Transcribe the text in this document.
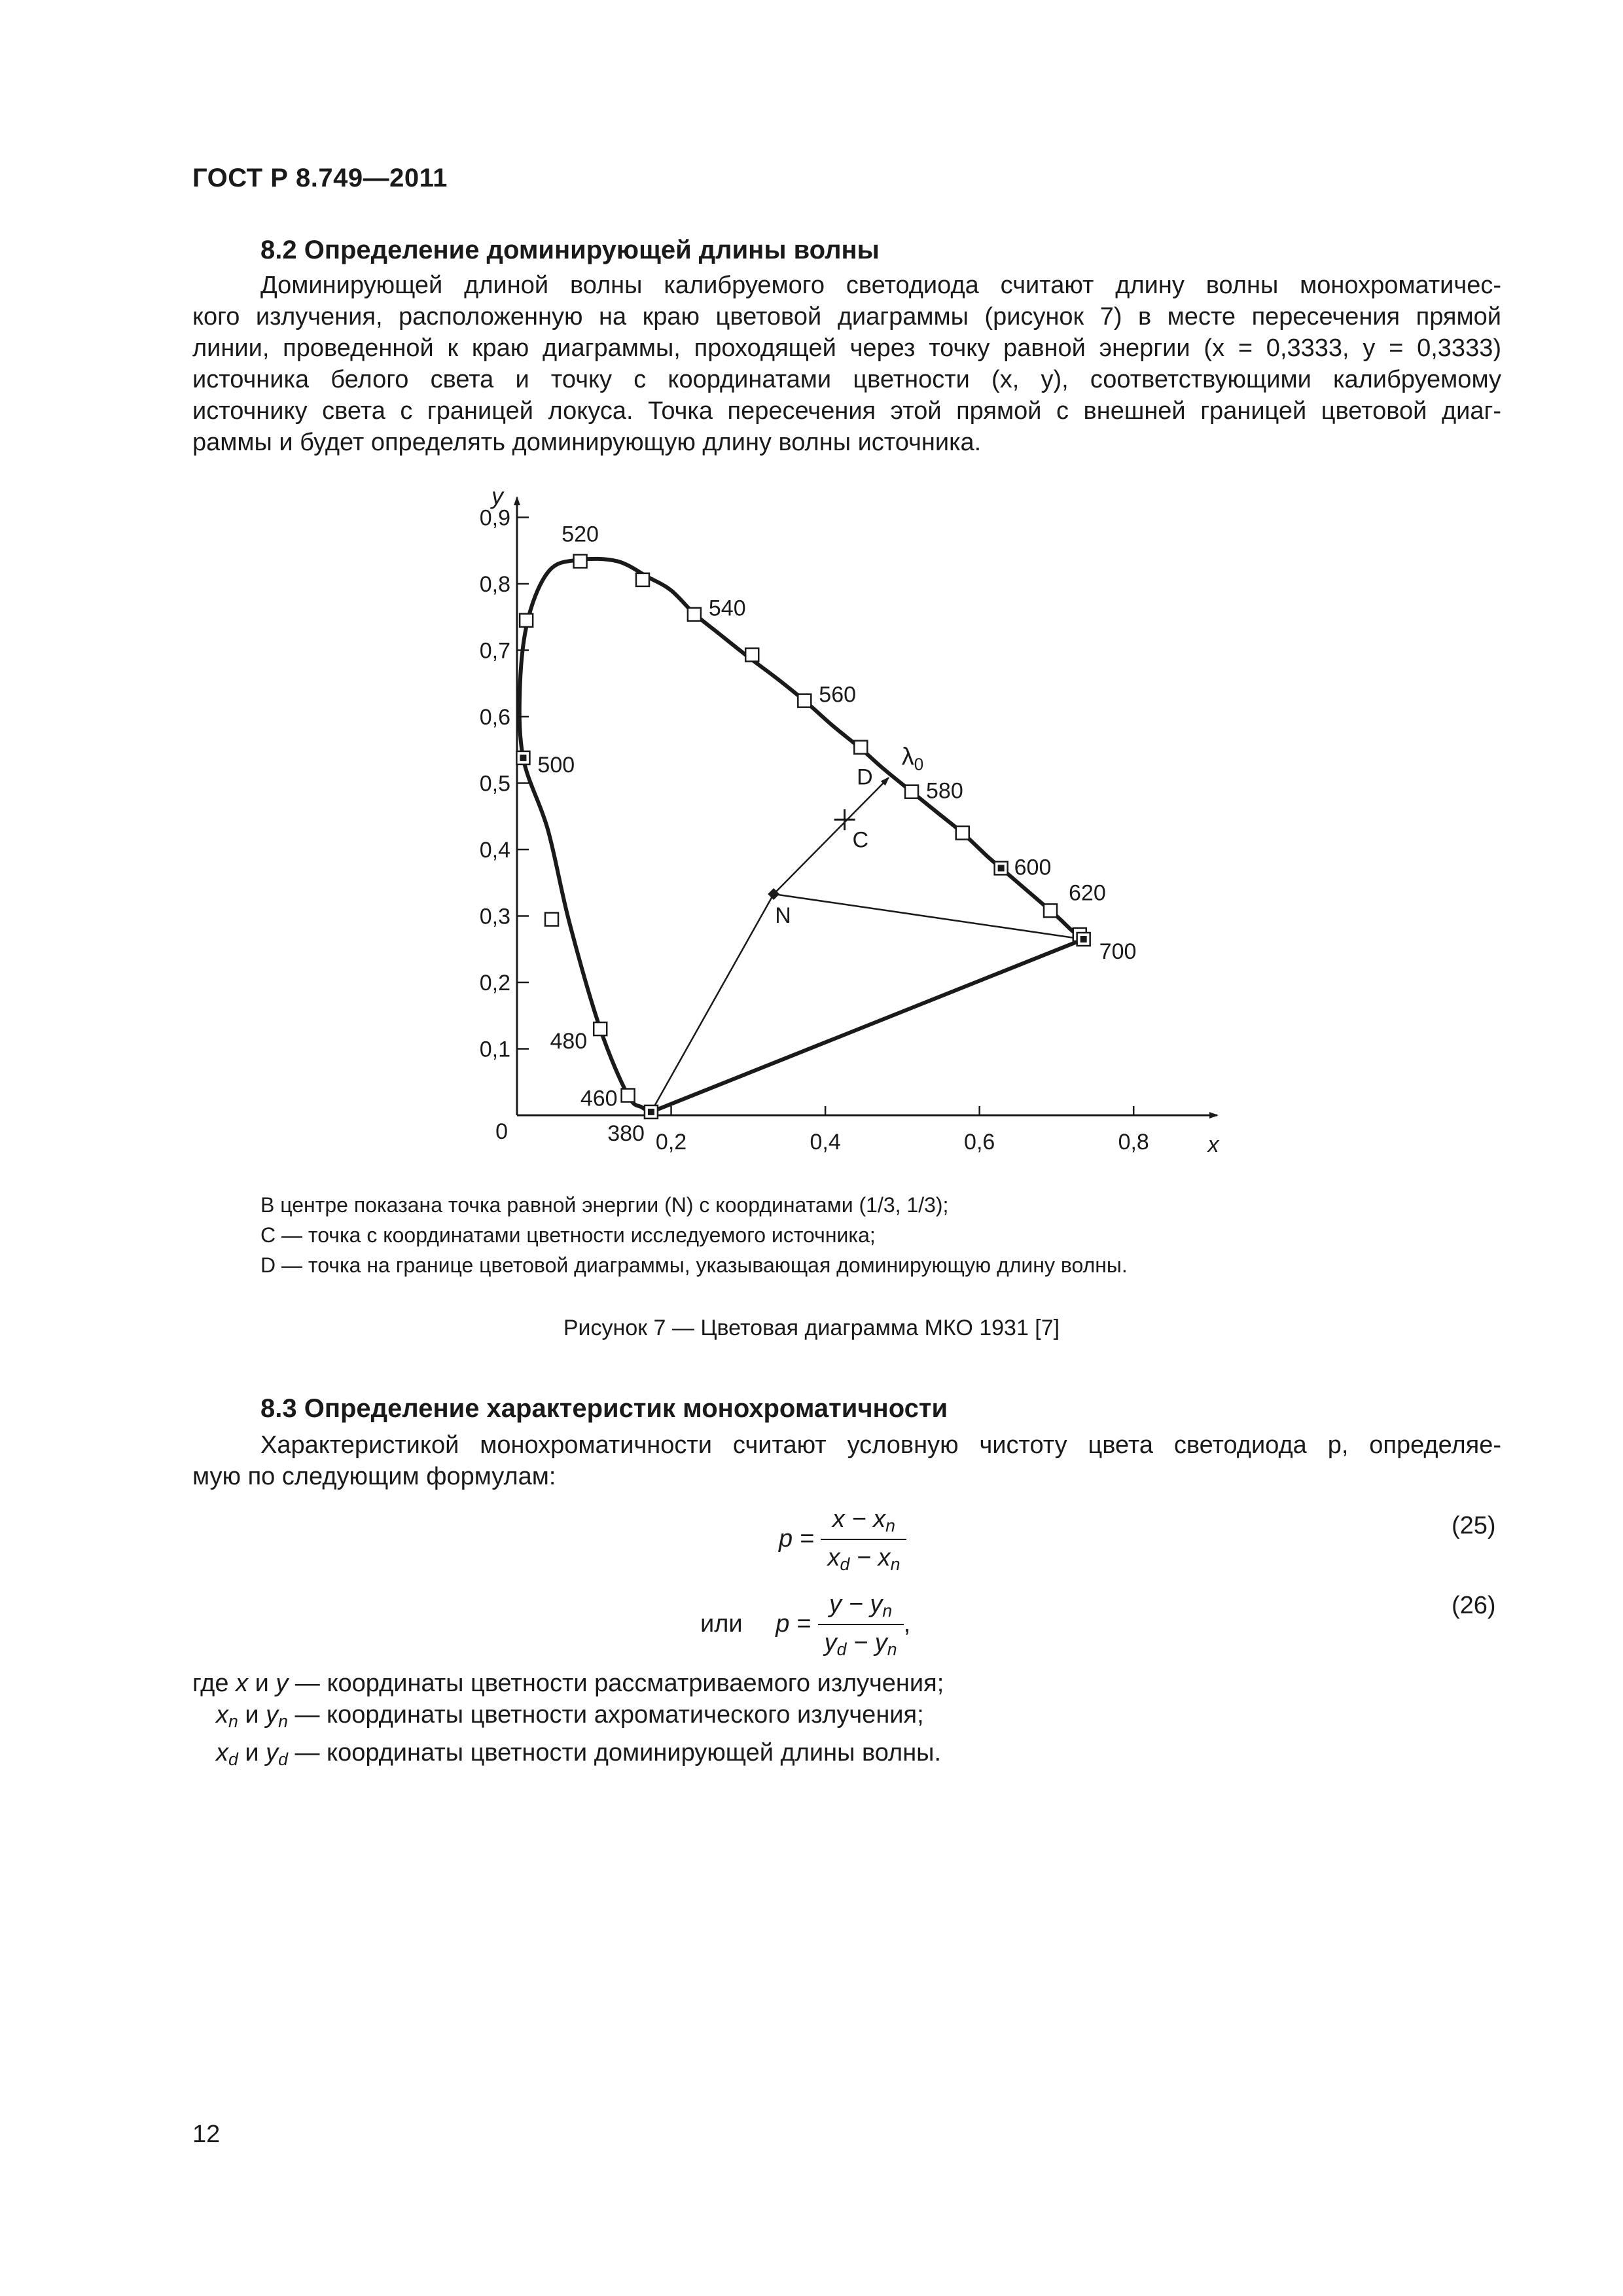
ГОСТ Р 8.749—2011
8.2 Определение доминирующей длины волны
Доминирующей длиной волны калибруемого светодиода считают длину волны монохроматичес-
кого излучения, расположенную на краю цветовой диаграммы (рисунок 7) в месте пересечения прямой
линии, проведенной к краю диаграммы, проходящей через точку равной энергии (x = 0,3333, y = 0,3333)
источника белого света и точку с координатами цветности (x, y), соответствующими калибруемому
источнику света с границей локуса. Точка пересечения этой прямой с внешней границей цветовой диаг-
раммы и будет определять доминирующую длину волны источника.
0,2	0,4	0,6	0,8
0,1
0,2
0,3
0,4
0,5
0,6
0,7
0,8
0,9
0
x
y
N
C
D
$\lambda_0$
380
460
480
500
520
540
560
580
600
620
700
В центре показана точка равной энергии (N) с координатами (1/3, 1/3);
С — точка с координатами цветности исследуемого источника;
D — точка на границе цветовой диаграммы, указывающая доминирующую длину волны.
Рисунок 7 — Цветовая диаграмма МКО 1931 [7]
8.3 Определение характеристик монохроматичности
Характеристикой монохроматичности считают условную чистоту цвета светодиода p, определяе-
мую по следующим формулам:
$p = \frac{x - x_n}{x_d - x_n}$	(25)
или $p = \frac{y - y_n}{y_d - y_n}$ ,
(26)
где x и y — координаты цветности рассматриваемого излучения;
$x_n$ и $y_n$ — координаты цветности ахроматического излучения;
$x_d$ и $y_d$ — координаты цветности доминирующей длины волны.
12
